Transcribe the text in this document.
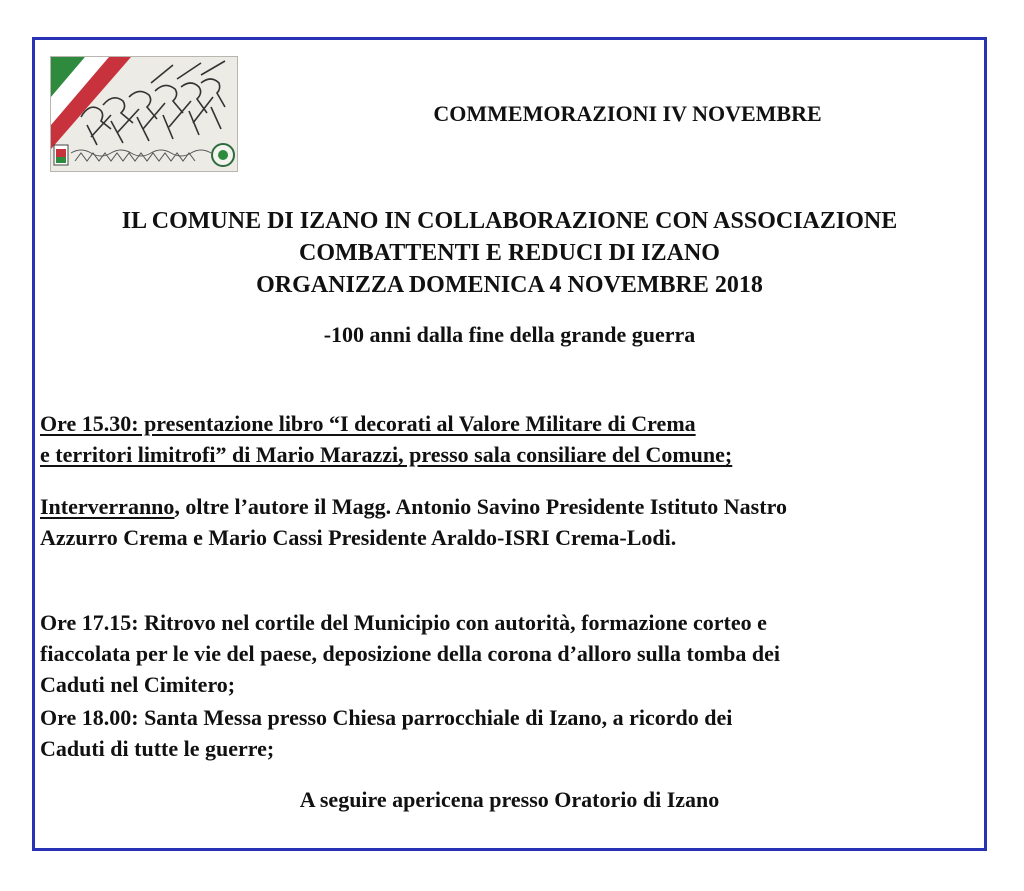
COMMEMORAZIONI IV NOVEMBRE

IL COMUNE DI IZANO IN COLLABORAZIONE CON ASSOCIAZIONE

COMBATTENTI E REDUCI DI IZANO

ORGANIZZA DOMENICA 4 NOVEMBRE 2018

-100 anni dalla fine della grande guerra

Ore 15.30: presentazione libro “I decorati al Valore Militare di Crema

e territori limitrofi” di Mario Marazzi, presso sala consiliare del Comune;

Interverranno, oltre l’autore il Magg. Antonio Savino Presidente Istituto Nastro

Azzurro Crema e Mario Cassi Presidente Araldo-ISRI Crema-Lodi.

Ore 17.15: Ritrovo nel cortile del Municipio con autorità, formazione corteo e

fiaccolata per le vie del paese, deposizione della corona d’alloro sulla tomba dei

Caduti nel Cimitero;

Ore 18.00: Santa Messa presso Chiesa parrocchiale di Izano, a ricordo dei

Caduti di tutte le guerre;

A seguire apericena presso Oratorio di Izano
